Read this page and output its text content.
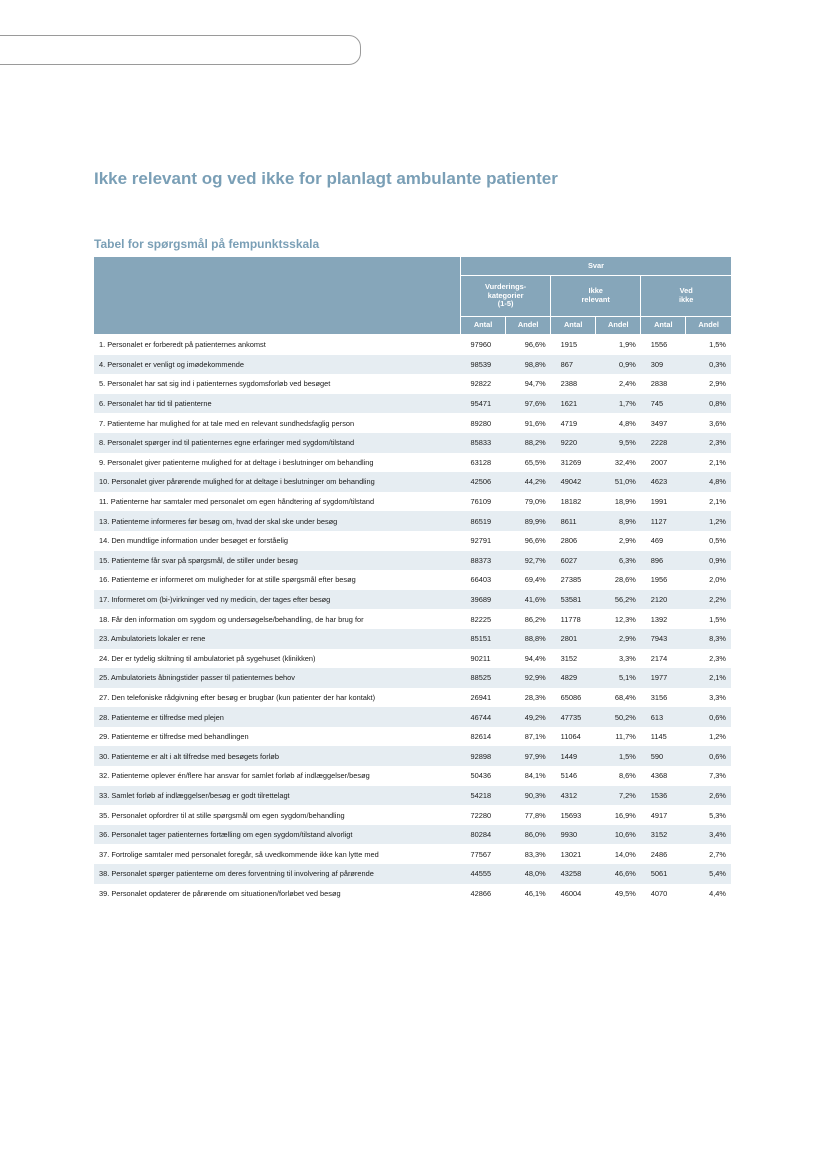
Ikke relevant og ved ikke for planlagt ambulante patienter
Tabel for spørgsmål på fempunktsskala
	Svar					
	Vurderings-
kategorier
(1-5)		Ikke
relevant		Ved
ikke	
	Antal	Andel	Antal	Andel	Antal	Andel
1. Personalet er forberedt på patienternes ankomst	97960	96,6%	1915	1,9%	1556	1,5%
4. Personalet er venligt og imødekommende	98539	98,8%	867	0,9%	309	0,3%
5. Personalet har sat sig ind i patienternes sygdomsforløb ved besøget	92822	94,7%	2388	2,4%	2838	2,9%
6. Personalet har tid til patienterne	95471	97,6%	1621	1,7%	745	0,8%
7. Patienterne har mulighed for at tale med en relevant sundhedsfaglig person	89280	91,6%	4719	4,8%	3497	3,6%
8. Personalet spørger ind til patienternes egne erfaringer med sygdom/tilstand	85833	88,2%	9220	9,5%	2228	2,3%
9. Personalet giver patienterne mulighed for at deltage i beslutninger om behandling	63128	65,5%	31269	32,4%	2007	2,1%
10. Personalet giver pårørende mulighed for at deltage i beslutninger om behandling	42506	44,2%	49042	51,0%	4623	4,8%
11. Patienterne har samtaler med personalet om egen håndtering af sygdom/tilstand	76109	79,0%	18182	18,9%	1991	2,1%
13. Patienterne informeres før besøg om, hvad der skal ske under besøg	86519	89,9%	8611	8,9%	1127	1,2%
14. Den mundtlige information under besøget er forståelig	92791	96,6%	2806	2,9%	469	0,5%
15. Patienterne får svar på spørgsmål, de stiller under besøg	88373	92,7%	6027	6,3%	896	0,9%
16. Patienterne er informeret om muligheder for at stille spørgsmål efter besøg	66403	69,4%	27385	28,6%	1956	2,0%
17. Informeret om (bi-)virkninger ved ny medicin, der tages efter besøg	39689	41,6%	53581	56,2%	2120	2,2%
18. Får den information om sygdom og undersøgelse/behandling, de har brug for	82225	86,2%	11778	12,3%	1392	1,5%
23. Ambulatoriets lokaler er rene	85151	88,8%	2801	2,9%	7943	8,3%
24. Der er tydelig skiltning til ambulatoriet på sygehuset (klinikken)	90211	94,4%	3152	3,3%	2174	2,3%
25. Ambulatoriets åbningstider passer til patienternes behov	88525	92,9%	4829	5,1%	1977	2,1%
27. Den telefoniske rådgivning efter besøg er brugbar (kun patienter der har kontakt)	26941	28,3%	65086	68,4%	3156	3,3%
28. Patienterne er tilfredse med plejen	46744	49,2%	47735	50,2%	613	0,6%
29. Patienterne er tilfredse med behandlingen	82614	87,1%	11064	11,7%	1145	1,2%
30. Patienterne er alt i alt tilfredse med besøgets forløb	92898	97,9%	1449	1,5%	590	0,6%
32. Patienterne oplever én/flere har ansvar for samlet forløb af indlæggelser/besøg	50436	84,1%	5146	8,6%	4368	7,3%
33. Samlet forløb af indlæggelser/besøg er godt tilrettelagt	54218	90,3%	4312	7,2%	1536	2,6%
35. Personalet opfordrer til at stille spørgsmål om egen sygdom/behandling	72280	77,8%	15693	16,9%	4917	5,3%
36. Personalet tager patienternes fortælling om egen sygdom/tilstand alvorligt	80284	86,0%	9930	10,6%	3152	3,4%
37. Fortrolige samtaler med personalet foregår, så uvedkommende ikke kan lytte med	77567	83,3%	13021	14,0%	2486	2,7%
38. Personalet spørger patienterne om deres forventning til involvering af pårørende	44555	48,0%	43258	46,6%	5061	5,4%
39. Personalet opdaterer de pårørende om situationen/forløbet ved besøg	42866	46,1%	46004	49,5%	4070	4,4%
